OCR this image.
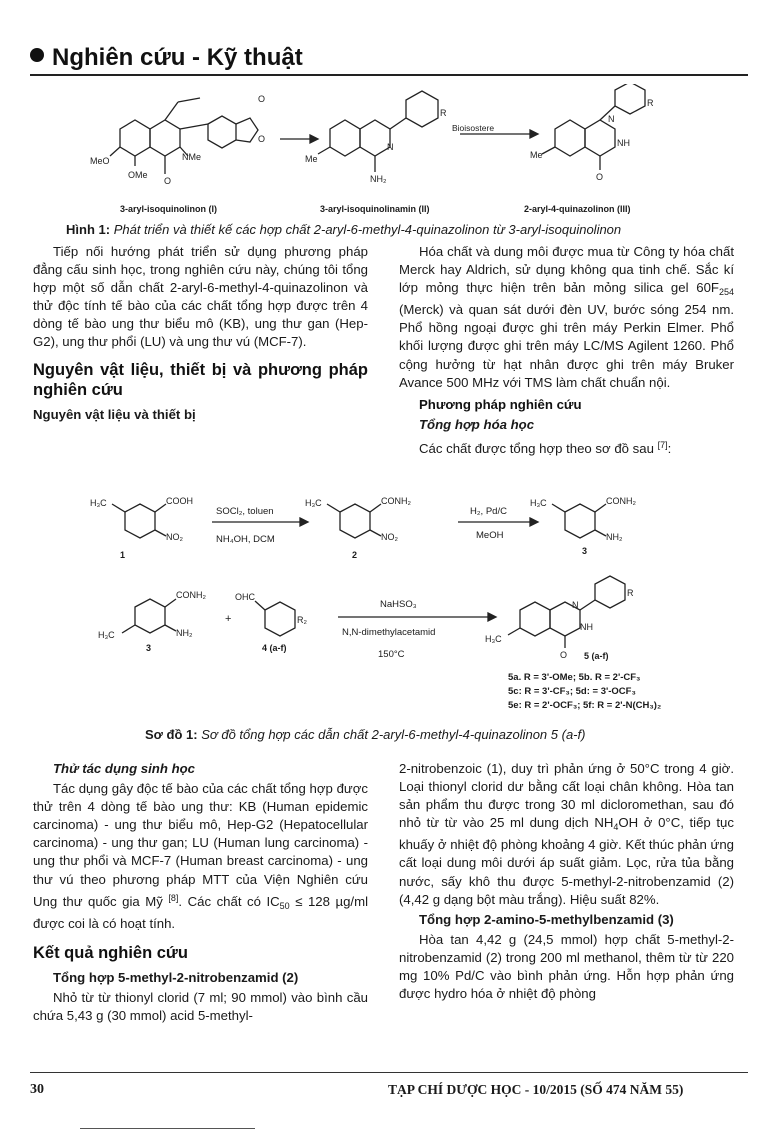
Nghiên cứu - Kỹ thuật
O
O
NMe
MeO
OMe
O
R
Me
N
NH₂
R
N
NH
Me
O
Bioisostere
3-aryl-isoquinolinon (I)	3-aryl-isoquinolinamin (II)	2-aryl-4-quinazolinon (III)
Hình 1: Phát triển và thiết kế các hợp chất 2-aryl-6-methyl-4-quinazolinon từ 3-aryl-isoquinolinon

Tiếp nối hướng phát triển sử dụng phương pháp đẳng cấu sinh học, trong nghiên cứu này, chúng tôi tổng hợp một số dẫn chất 2-aryl-6-methyl-4-quinazolinon và thử độc tính tế bào của các chất tổng hợp được trên 4 dòng tế bào ung thư biểu mô (KB), ung thư gan (Hep-G2), ung thư phổi (LU) và ung thư vú (MCF-7).

Nguyên vật liệu, thiết bị và phương pháp nghiên cứu
Nguyên vật liệu và thiết bị

Hóa chất và dung môi được mua từ Công ty hóa chất Merck hay Aldrich, sử dụng không qua tinh chế. Sắc kí lớp mỏng thực hiện trên bản mỏng silica gel $60F_{254}$ (Merck) và quan sát dưới đèn UV, bước sóng 254 nm. Phổ hồng ngoại được ghi trên máy Perkin Elmer. Phổ khối lượng được ghi trên máy LC/MS Agilent 1260. Phổ cộng hưởng từ hạt nhân được ghi trên máy Bruker Avance 500 MHz với TMS làm chất chuẩn nội.

Phương pháp nghiên cứu
Tổng hợp hóa học

Các chất được tổng hợp theo sơ đồ sau [7]:

H₃C	COOH
NO₂
H₃C	CONH₂
NO₂
H₃C	CONH₂
NH₂
CONH₂
NH₂
H₃C
OHC
R₂
H₃C
R
N
NH
O
+
SOCl₂, toluen
NH₄OH, DCM
H₂, Pd/C
MeOH
NaHSO₃
N,N-dimethylacetamid
150°C
1	2	3
3	4 (a-f)
5 (a-f)
5a. R = 3'-OMe; 5b. R = 2'-CF₃
5c: R = 3'-CF₃; 5d: = 3'-OCF₃
5e: R = 2'-OCF₃; 5f: R = 2'-N(CH₃)₂
Sơ đồ 1: Sơ đồ tổng hợp các dẫn chất 2-aryl-6-methyl-4-quinazolinon 5 (a-f)
Thử tác dụng sinh học

Tác dụng gây độc tế bào của các chất tổng hợp được thử trên 4 dòng tế bào ung thư: KB (Human epidemic carcinoma) - ung thư biểu mô, Hep-G2 (Hepatocellular carcinoma) - ung thư gan; LU (Human lung carcinoma) - ung thư phổi và MCF-7 (Human breast carcinoma) - ung thư vú theo phương pháp MTT của Viện Nghiên cứu Ung thư quốc gia Mỹ [8]. Các chất có $IC_{50} \le 128$ µg/ml được coi là có hoạt tính.

Kết quả nghiên cứu
Tổng hợp 5-methyl-2-nitrobenzamid (2)

Nhỏ từ từ thionyl clorid (7 ml; 90 mmol) vào bình cầu chứa 5,43 g (30 mmol) acid 5-methyl-

2-nitrobenzoic (1), duy trì phản ứng ở 50°C trong 4 giờ. Loại thionyl clorid dư bằng cất loại chân không. Hòa tan sản phẩm thu được trong 30 ml dicloromethan, sau đó nhỏ từ từ vào 25 ml dung dịch $NH_4OH$ ở 0°C, tiếp tục khuấy ở nhiệt độ phòng khoảng 4 giờ. Kết thúc phản ứng cất loại dung môi dưới áp suất giảm. Lọc, rửa tủa bằng nước, sấy khô thu được 5-methyl-2-nitrobenzamid (2) (4,42 g dạng bột màu trắng). Hiệu suất 82%.

Tổng hợp 2-amino-5-methylbenzamid (3)

Hòa tan 4,42 g (24,5 mmol) hợp chất 5-methyl-2-nitrobenzamid (2) trong 200 ml methanol, thêm từ từ 220 mg 10% Pd/C vào bình phản ứng. Hỗn hợp phản ứng được hydro hóa ở nhiệt độ phòng

30	TẠP CHÍ DƯỢC HỌC - 10/2015 (SỐ 474 NĂM 55)
